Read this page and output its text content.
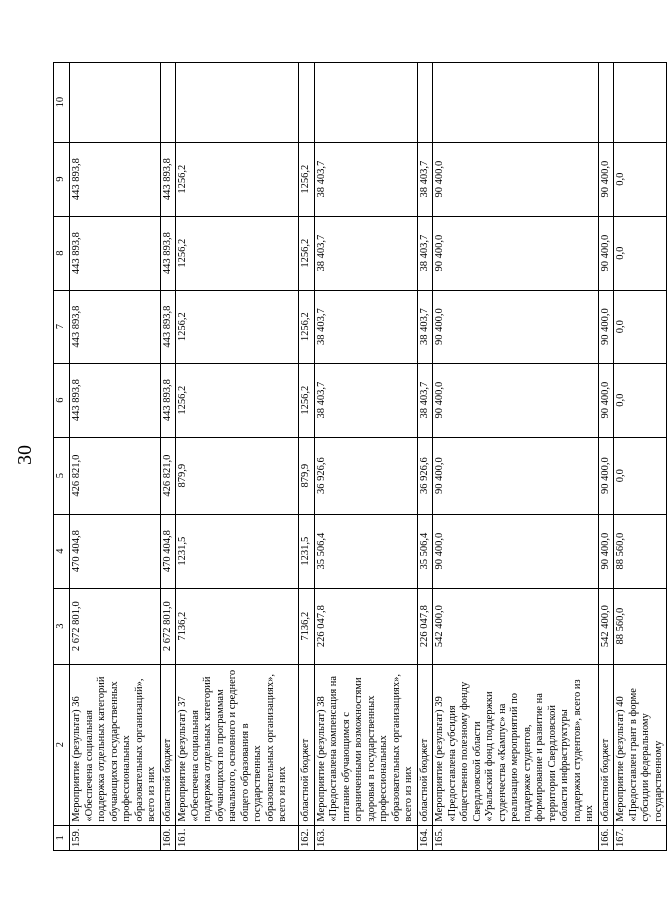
30
1	2	3	4	5	6	7	8	9	10
159.	Мероприятие (результат) 36 «Обеспечена социальная поддержка отдельных категорий обучающихся государственных профессиональных образовательных организаций», всего из них	2 672 801,0	470 404,8	426 821,0	443 893,8	443 893,8	443 893,8	443 893,8	
160.	областной бюджет	2 672 801,0	470 404,8	426 821,0	443 893,8	443 893,8	443 893,8	443 893,8	
161.	Мероприятие (результат) 37 «Обеспечена социальная поддержка отдельных категорий обучающихся по программам начального, основного и среднего общего образования в государственных образовательных организациях», всего из них	7136,2	1231,5	879,9	1256,2	1256,2	1256,2	1256,2	
162.	областной бюджет	7136,2	1231,5	879,9	1256,2	1256,2	1256,2	1256,2	
163.	Мероприятие (результат) 38 «Предоставлена компенсация на питание обучающимся с ограниченными возможностями здоровья в государственных профессиональных образовательных организациях», всего из них	226 047,8	35 506,4	36 926,6	38 403,7	38 403,7	38 403,7	38 403,7	
164.	областной бюджет	226 047,8	35 506,4	36 926,6	38 403,7	38 403,7	38 403,7	38 403,7	
165.	Мероприятие (результат) 39 «Предоставлена субсидия общественно полезному фонду Свердловской области «Уральский фонд поддержки студенчества «Кампус» на реализацию мероприятий по поддержке студентов, формирование и развитие на территории Свердловской области инфраструктуры поддержки студентов», всего из них	542 400,0	90 400,0	90 400,0	90 400,0	90 400,0	90 400,0	90 400,0	
166.	областной бюджет	542 400,0	90 400,0	90 400,0	90 400,0	90 400,0	90 400,0	90 400,0	
167.	Мероприятие (результат) 40 «Предоставлен грант в форме субсидии федеральному государственному	88 560,0	88 560,0	0,0	0,0	0,0	0,0	0,0	
